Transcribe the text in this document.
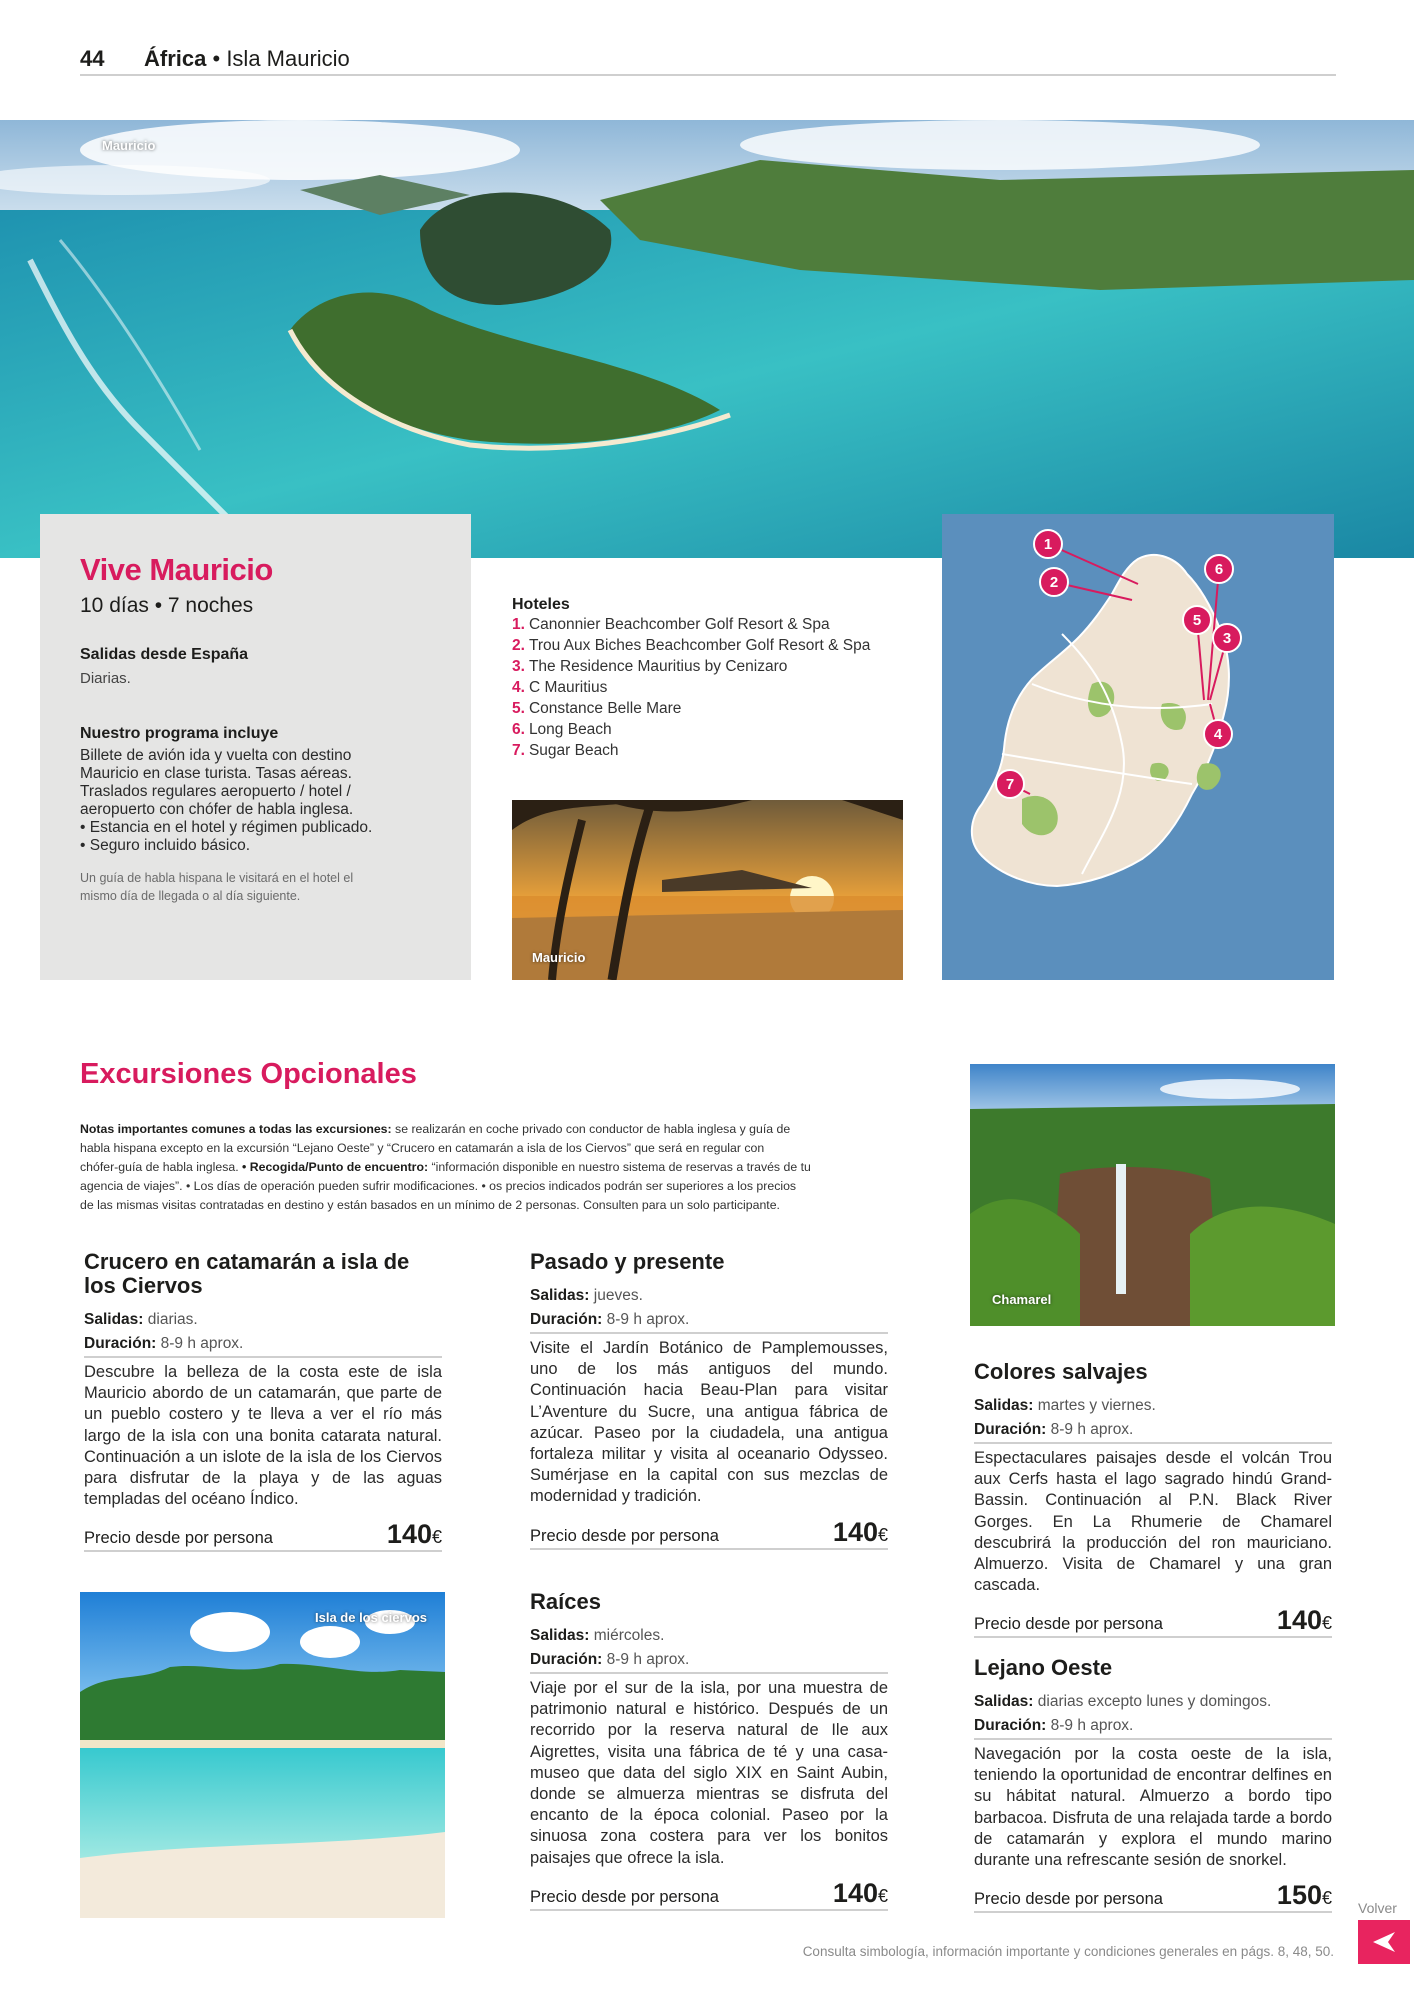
44 África • Isla Mauricio
Mauricio
Vive Mauricio
10 días • 7 noches
Salidas desde España
Diarias.
Nuestro programa incluye
Billete de avión ida y vuelta con destino
Mauricio en clase turista. Tasas aéreas.
Traslados regulares aeropuerto / hotel /
aeropuerto con chófer de habla inglesa.
• Estancia en el hotel y régimen publicado.
• Seguro incluido básico.
Un guía de habla hispana le visitará en el hotel el
mismo día de llegada o al día siguiente.
Hoteles
1. Canonnier Beachcomber Golf Resort & Spa
2. Trou Aux Biches Beachcomber Golf Resort & Spa
3. The Residence Mauritius by Cenizaro
4. C Mauritius
5. Constance Belle Mare
6. Long Beach
7. Sugar Beach
Mauricio
1
2
3
4
5
6
7
Excursiones Opcionales
Notas importantes comunes a todas las excursiones: se realizarán en coche privado con conductor de habla inglesa y guía de
habla hispana excepto en la excursión “Lejano Oeste” y “Crucero en catamarán a isla de los Ciervos” que será en regular con
chófer-guía de habla inglesa. • Recogida/Punto de encuentro: “información disponible en nuestro sistema de reservas a través de tu
agencia de viajes”. • Los días de operación pueden sufrir modificaciones. • os precios indicados podrán ser superiores a los precios
de las mismas visitas contratadas en destino y están basados en un mínimo de 2 personas. Consulten para un solo participante.
Crucero en catamarán a isla de los Ciervos
Salidas: diarias.
Duración: 8-9 h aprox.
Descubre la belleza de la costa este de isla Mauricio abordo de un catamarán, que parte de un pueblo costero y te lleva a ver el río más largo de la isla con una bonita catarata natural. Continuación a un islote de la isla de los Ciervos para disfrutar de la playa y de las aguas templadas del océano Índico.
Precio desde por persona	140€
Pasado y presente
Salidas: jueves.
Duración: 8-9 h aprox.
Visite el Jardín Botánico de Pamplemousses, uno de los más antiguos del mundo. Continuación hacia Beau-Plan para visitar L’Aventure du Sucre, una antigua fábrica de azúcar. Paseo por la ciudadela, una antigua fortaleza militar y visita al oceanario Odysseo. Sumérjase en la capital con sus mezclas de modernidad y tradición.
Precio desde por persona	140€
Raíces
Salidas: miércoles.
Duración: 8-9 h aprox.
Viaje por el sur de la isla, por una muestra de patrimonio natural e histórico. Después de un recorrido por la reserva natural de Ile aux Aigrettes, visita una fábrica de té y una casa-museo que data del siglo XIX en Saint Aubin, donde se almuerza mientras se disfruta del encanto de la época colonial. Paseo por la sinuosa zona costera para ver los bonitos paisajes que ofrece la isla.
Precio desde por persona	140€
Colores salvajes
Salidas: martes y viernes.
Duración: 8-9 h aprox.
Espectaculares paisajes desde el volcán Trou aux Cerfs hasta el lago sagrado hindú Grand-Bassin. Continuación al P.N. Black River Gorges. En La Rhumerie de Chamarel descubrirá la producción del ron mauriciano. Almuerzo. Visita de Chamarel y una gran cascada.
Precio desde por persona	140€
Lejano Oeste
Salidas: diarias excepto lunes y domingos.
Duración: 8-9 h aprox.
Navegación por la costa oeste de la isla, teniendo la oportunidad de encontrar delfines en su hábitat natural. Almuerzo a bordo tipo barbacoa. Disfruta de una relajada tarde a bordo de catamarán y explora el mundo marino durante una refrescante sesión de snorkel.
Precio desde por persona	150€
Isla de los ciervos
Chamarel
Consulta simbología, información importante y condiciones generales en págs. 8, 48, 50.
Volver
